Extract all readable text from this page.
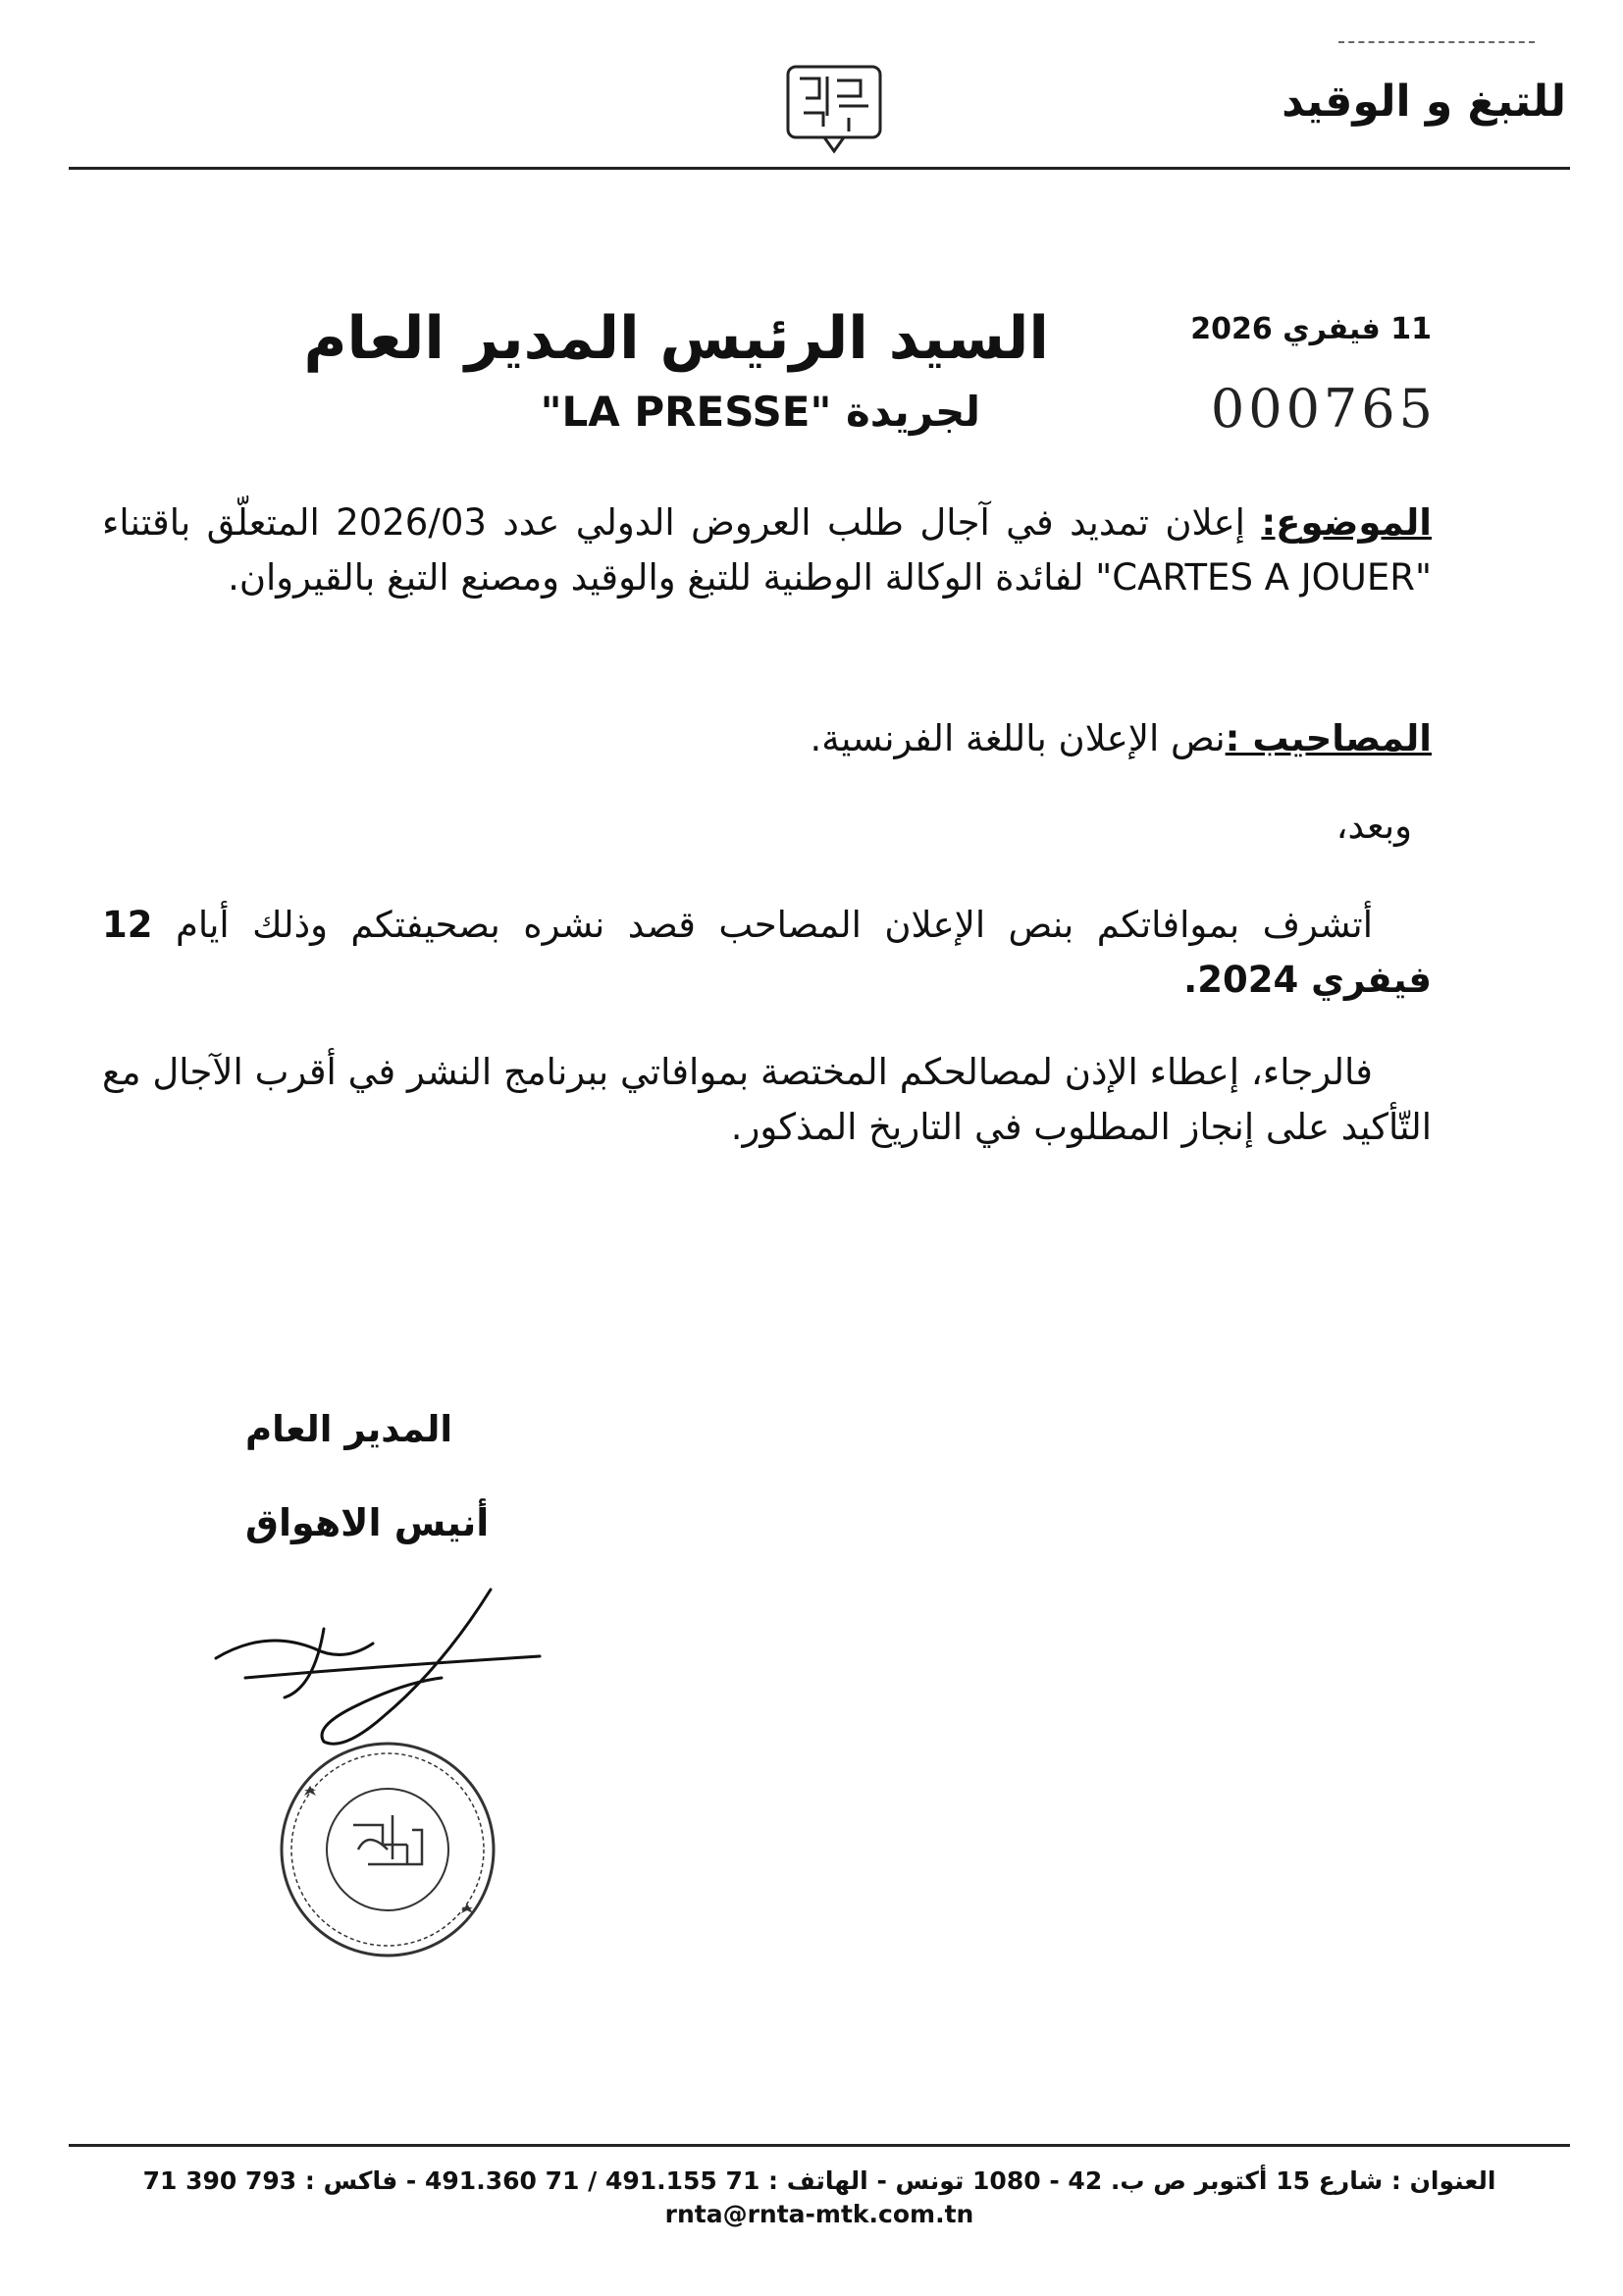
للتبغ و الوقيد
السيد الرئيس المدير العام
لجريدة "LA PRESSE"
11 فيفري 2026
000765
الموضوع: إعلان تمديد في آجال طلب العروض الدولي عدد 2026/03 المتعلّق باقتناء "CARTES A JOUER" لفائدة الوكالة الوطنية للتبغ والوقيد ومصنع التبغ بالقيروان.
المصاحيب :نص الإعلان باللغة الفرنسية.
وبعد،
أتشرف بموافاتكم بنص الإعلان المصاحب قصد نشره بصحيفتكم وذلك أيام 12 فيفري 2024.
فالرجاء، إعطاء الإذن لمصالحكم المختصة بموافاتي ببرنامج النشر في أقرب الآجال مع التّأكيد على إنجاز المطلوب في التاريخ المذكور.
المدير العام
أنيس الاهواق
العنوان : شارع 15 أكتوبر ص ب. 42 - 1080 تونس - الهاتف : 71 491.155 / 71 491.360 - فاكس : 793 390 71
rnta@rnta-mtk.com.tn
